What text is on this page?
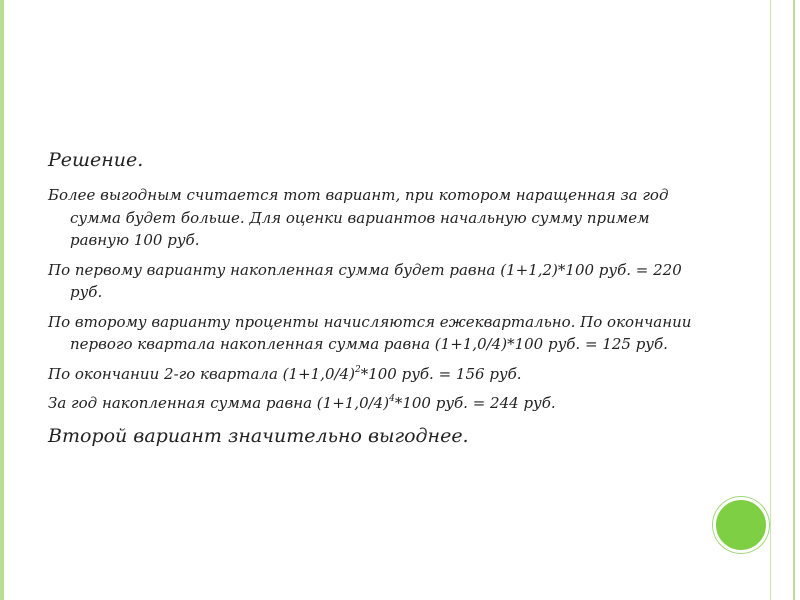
Решение.
Более выгодным считается тот вариант, при котором наращенная за год сумма будет больше. Для оценки вариантов начальную сумму примем равную 100 руб.
По первому варианту накопленная сумма будет равна (1+1,2)*100 руб. = 220 руб.
По второму варианту проценты начисляются ежеквартально. По окончании первого квартала накопленная сумма равна (1+1,0/4)*100 руб. = 125 руб.
По окончании 2-го квартала $(1+1,0/4)^2*100$ руб. = 156 руб.
За год накопленная сумма равна $(1+1,0/4)^4*100$ руб. = 244 руб.
Второй вариант значительно выгоднее.
